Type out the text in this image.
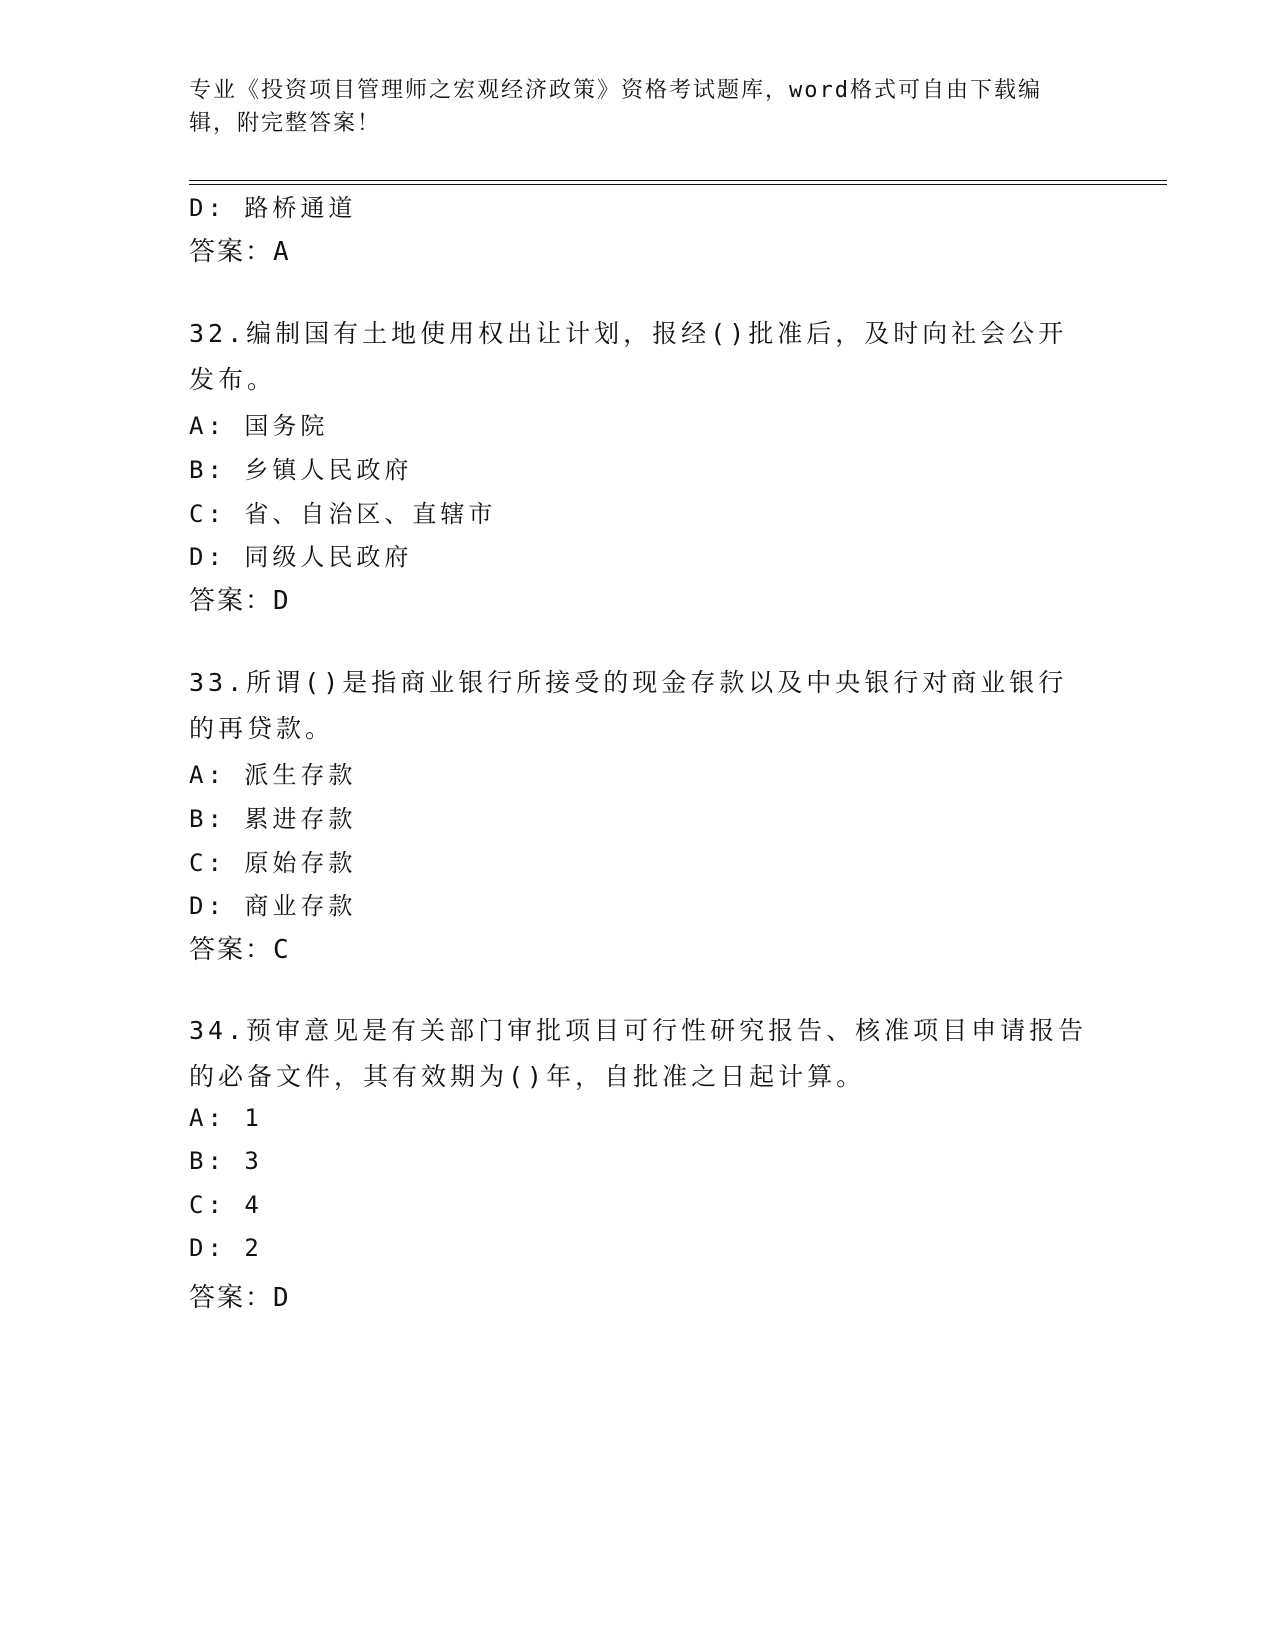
专业《投资项目管理师之宏观经济政策》资格考试题库，word格式可自由下载编辑，附完整答案！
D: 路桥通道
答案：A
32.编制国有土地使用权出让计划，报经()批准后，及时向社会公开发布。
A: 国务院
B: 乡镇人民政府
C: 省、自治区、直辖市
D: 同级人民政府
答案：D
33.所谓()是指商业银行所接受的现金存款以及中央银行对商业银行的再贷款。
A: 派生存款
B: 累进存款
C: 原始存款
D: 商业存款
答案：C
34.预审意见是有关部门审批项目可行性研究报告、核准项目申请报告的必备文件，其有效期为()年，自批准之日起计算。
A: 1
B: 3
C: 4
D: 2
答案：D
